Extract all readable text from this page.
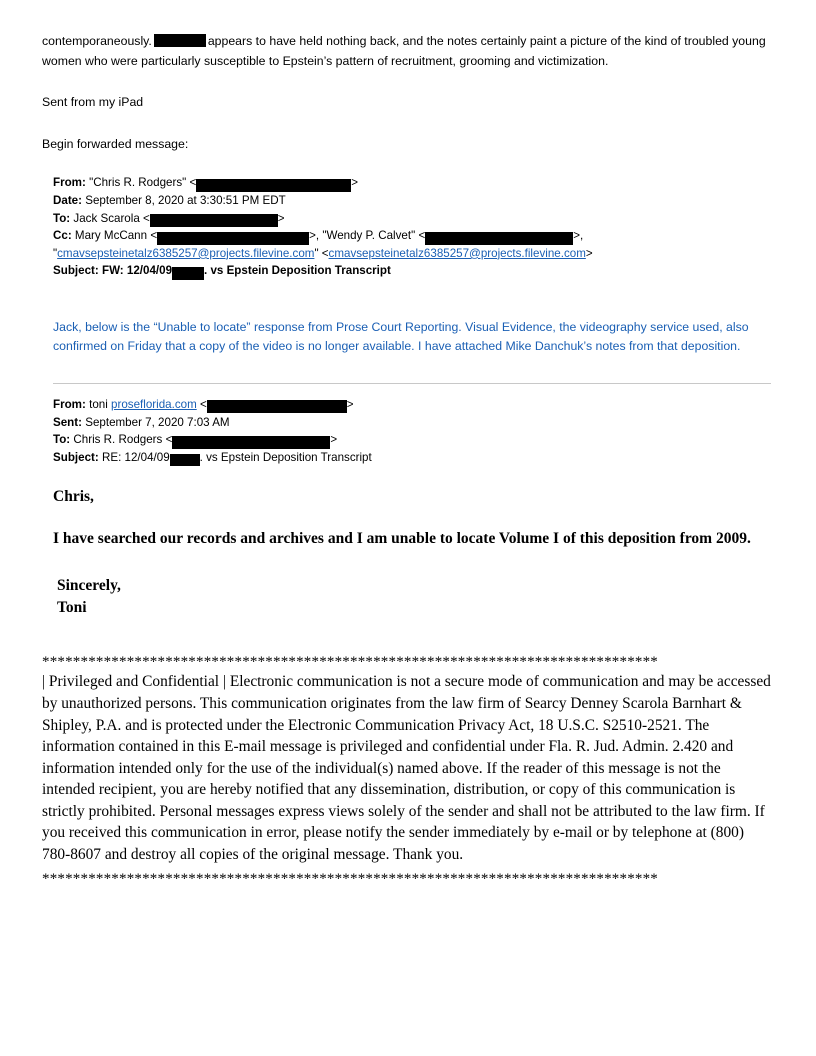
contemporaneously.	appears to have held nothing back, and the notes certainly paint a picture of the kind of troubled young women who were particularly susceptible to Epstein’s pattern of recruitment, grooming and victimization.

Sent from my iPad
Begin forwarded message:
From: "Chris R. Rodgers" <	>
Date: September 8, 2020 at 3:30:51 PM EDT
To: Jack Scarola <	>
Cc: Mary McCann <	>, "Wendy P. Calvet" <	>,
"cmavsepsteinetalz6385257@projects.filevine.com" <cmavsepsteinetalz6385257@projects.filevine.com>
Subject: FW: 12/04/09	. vs Epstein Deposition Transcript
Jack, below is the “Unable to locate” response from Prose Court Reporting. Visual Evidence, the videography service used, also confirmed on Friday that a copy of the video is no longer available. I have attached Mike Danchuk’s notes from that deposition.
From: toni proseflorida.com <	>
Sent: September 7, 2020 7:03 AM
To: Chris R. Rodgers <	>
Subject: RE: 12/04/09	. vs Epstein Deposition Transcript
Chris,
I have searched our records and archives and I am unable to locate Volume I of this deposition from 2009.
Sincerely,
Toni
********************************************************************************
| Privileged and Confidential | Electronic communication is not a secure mode of communication and may be accessed by unauthorized persons. This communication originates from the law firm of Searcy Denney Scarola Barnhart & Shipley, P.A. and is protected under the Electronic Communication Privacy Act, 18 U.S.C. S2510-2521. The information contained in this E-mail message is privileged and confidential under Fla. R. Jud. Admin. 2.420 and information intended only for the use of the individual(s) named above. If the reader of this message is not the intended recipient, you are hereby notified that any dissemination, distribution, or copy of this communication is strictly prohibited. Personal messages express views solely of the sender and shall not be attributed to the law firm. If you received this communication in error, please notify the sender immediately by e-mail or by telephone at (800) 780-8607 and destroy all copies of the original message. Thank you.
********************************************************************************
